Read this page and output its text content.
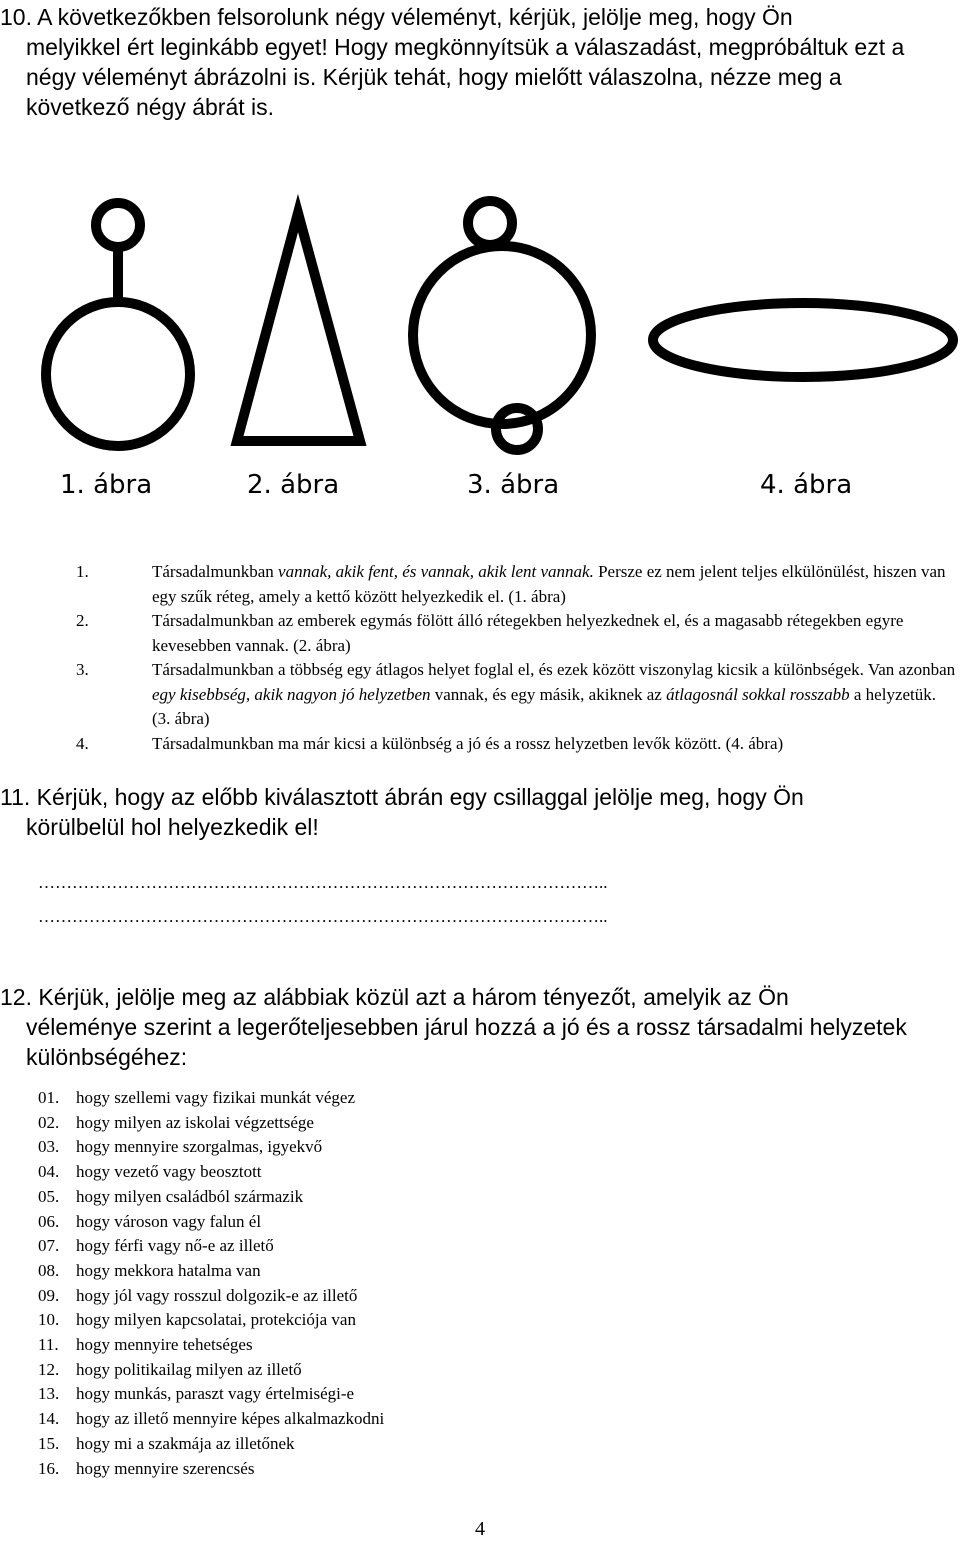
10. A következőkben felsorolunk négy véleményt, kérjük, jelölje meg, hogy Ön
melyikkel ért leginkább egyet! Hogy megkönnyítsük a válaszadást, megpróbáltuk ezt a négy véleményt ábrázolni is. Kérjük tehát, hogy mielőtt válaszolna, nézze meg a következő négy ábrát is.
1. ábra	2. ábra	3. ábra	4. ábra
1.	Társadalmunkban vannak, akik fent, és vannak, akik lent vannak. Persze ez nem jelent teljes elkülönülést, hiszen van egy szűk réteg, amely a kettő között helyezkedik el. (1. ábra)
2.	Társadalmunkban az emberek egymás fölött álló rétegekben helyezkednek el, és a magasabb rétegekben egyre kevesebben vannak. (2. ábra)
3.	Társadalmunkban a többség egy átlagos helyet foglal el, és ezek között viszonylag kicsik a különbségek. Van azonban egy kisebbség, akik nagyon jó helyzetben vannak, és egy másik, akiknek az átlagosnál sokkal rosszabb a helyzetük. (3. ábra)
4.	Társadalmunkban ma már kicsi a különbség a jó és a rossz helyzetben levők között. (4. ábra)
11. Kérjük, hogy az előbb kiválasztott ábrán egy csillaggal jelölje meg, hogy Ön
körülbelül hol helyezkedik el!
………………………………………………………………………………………..
………………………………………………………………………………………..
12. Kérjük, jelölje meg az alábbiak közül azt a három tényezőt, amelyik az Ön
véleménye szerint a legerőteljesebben járul hozzá a jó és a rossz társadalmi helyzetek különbségéhez:
01. hogy szellemi vagy fizikai munkát végez
02. hogy milyen az iskolai végzettsége
03. hogy mennyire szorgalmas, igyekvő
04. hogy vezető vagy beosztott
05. hogy milyen családból származik
06. hogy városon vagy falun él
07. hogy férfi vagy nő-e az illető
08. hogy mekkora hatalma van
09. hogy jól vagy rosszul dolgozik-e az illető
10. hogy milyen kapcsolatai, protekciója van
11. hogy mennyire tehetséges
12. hogy politikailag milyen az illető
13. hogy munkás, paraszt vagy értelmiségi-e
14. hogy az illető mennyire képes alkalmazkodni
15. hogy mi a szakmája az illetőnek
16. hogy mennyire szerencsés
4
